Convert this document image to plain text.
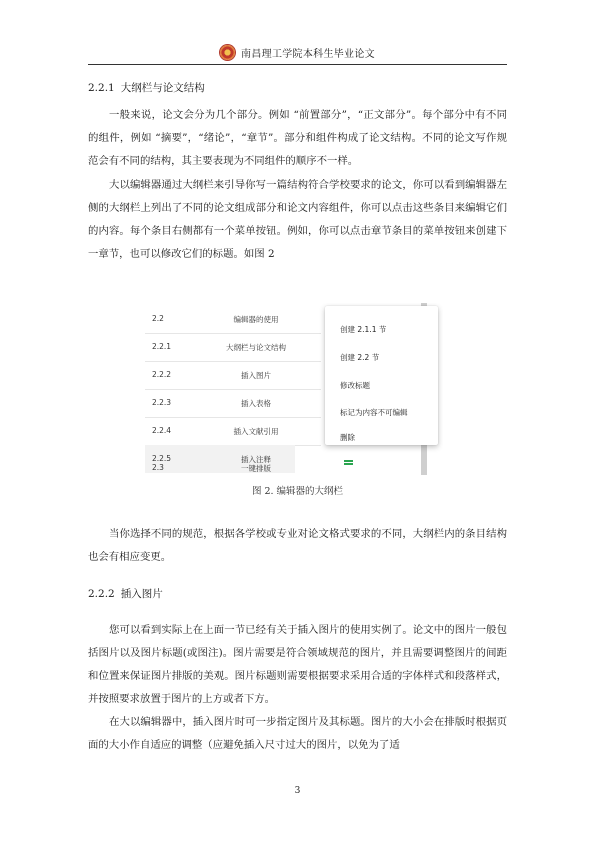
南昌理工学院本科生毕业论文
2.2.1 大纲栏与论文结构

一般来说，论文会分为几个部分。例如 “前置部分”，“正文部分”。每个部分中有不同的组件，例如 “摘要”，“绪论”，“章节”。部分和组件构成了论文结构。不同的论文写作规范会有不同的结构，其主要表现为不同组件的顺序不一样。

大以编辑器通过大纲栏来引导你写一篇结构符合学校要求的论文，你可以看到编辑器左侧的大纲栏上列出了不同的论文组成部分和论文内容组件，你可以点击这些条目来编辑它们的内容。每个条目右侧都有一个菜单按钮。例如，你可以点击章节条目的菜单按钮来创建下一章节，也可以修改它们的标题。如图 2

2.2	编辑器的使用
2.2.1	大纲栏与论文结构
2.2.2	插入图片
2.2.3	插入表格
2.2.4	插入文献引用
2.2.5	插入注释
2.3	一键排版
创建 2.1.1 节
创建 2.2 节
修改标题
标记为内容不可编辑
删除
图 2. 编辑器的大纲栏

当你选择不同的规范，根据各学校或专业对论文格式要求的不同，大纲栏内的条目结构也会有相应变更。

2.2.2 插入图片

您可以看到实际上在上面一节已经有关于插入图片的使用实例了。论文中的图片一般包括图片以及图片标题(或图注)。图片需要是符合领域规范的图片，并且需要调整图片的间距和位置来保证图片排版的美观。图片标题则需要根据要求采用合适的字体样式和段落样式，并按照要求放置于图片的上方或者下方。

在大以编辑器中，插入图片时可一步指定图片及其标题。图片的大小会在排版时根据页面的大小作自适应的调整（应避免插入尺寸过大的图片，以免为了适

3
